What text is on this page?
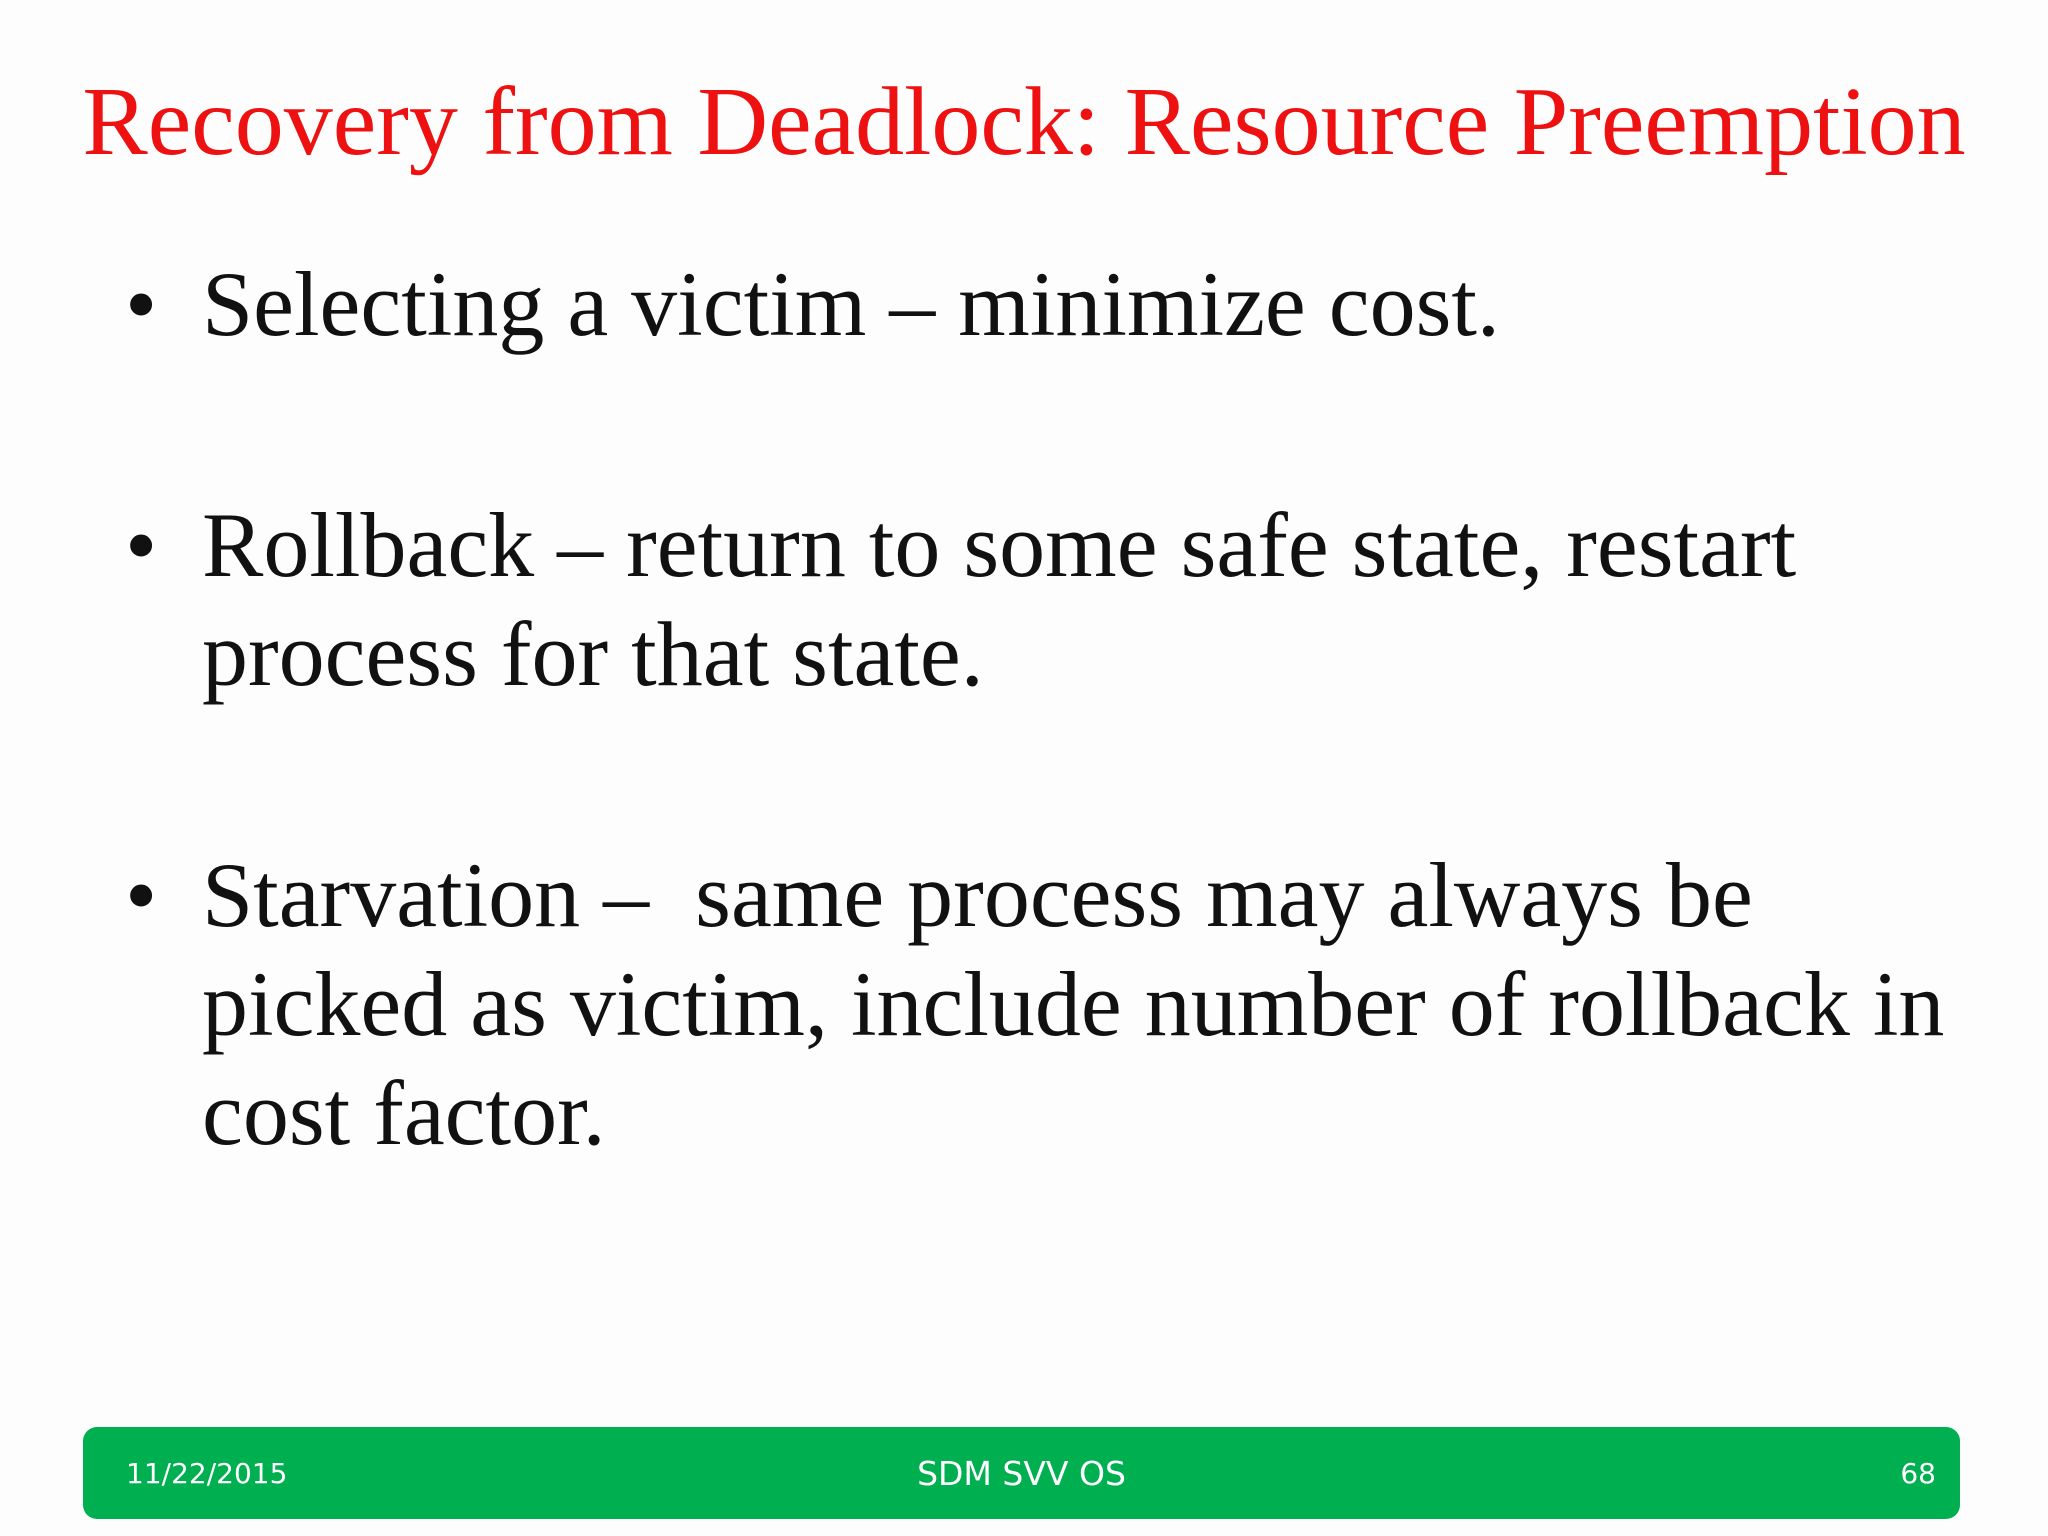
Recovery from Deadlock: Resource Preemption
• Selecting a victim – minimize cost.
• Rollback – return to some safe state, restart process for that state.
• Starvation –  same process may always be picked as victim, include number of rollback in cost factor.
11/22/2015	SDM SVV OS	68
